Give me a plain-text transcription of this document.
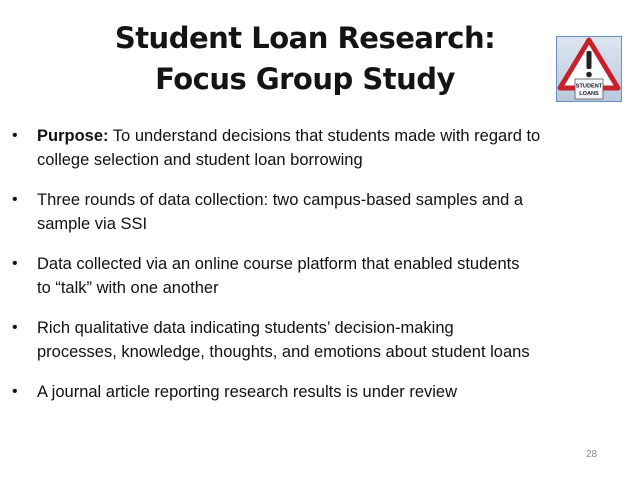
Student Loan Research:
Focus Group Study	STUDENT
LOANS
• Purpose: To understand decisions that students made with regard to
college selection and student loan borrowing
• Three rounds of data collection: two campus-based samples and a
sample via SSI
• Data collected via an online course platform that enabled students
to “talk” with one another
• Rich qualitative data indicating students’ decision-making
processes, knowledge, thoughts, and emotions about student loans
• A journal article reporting research results is under review
28
